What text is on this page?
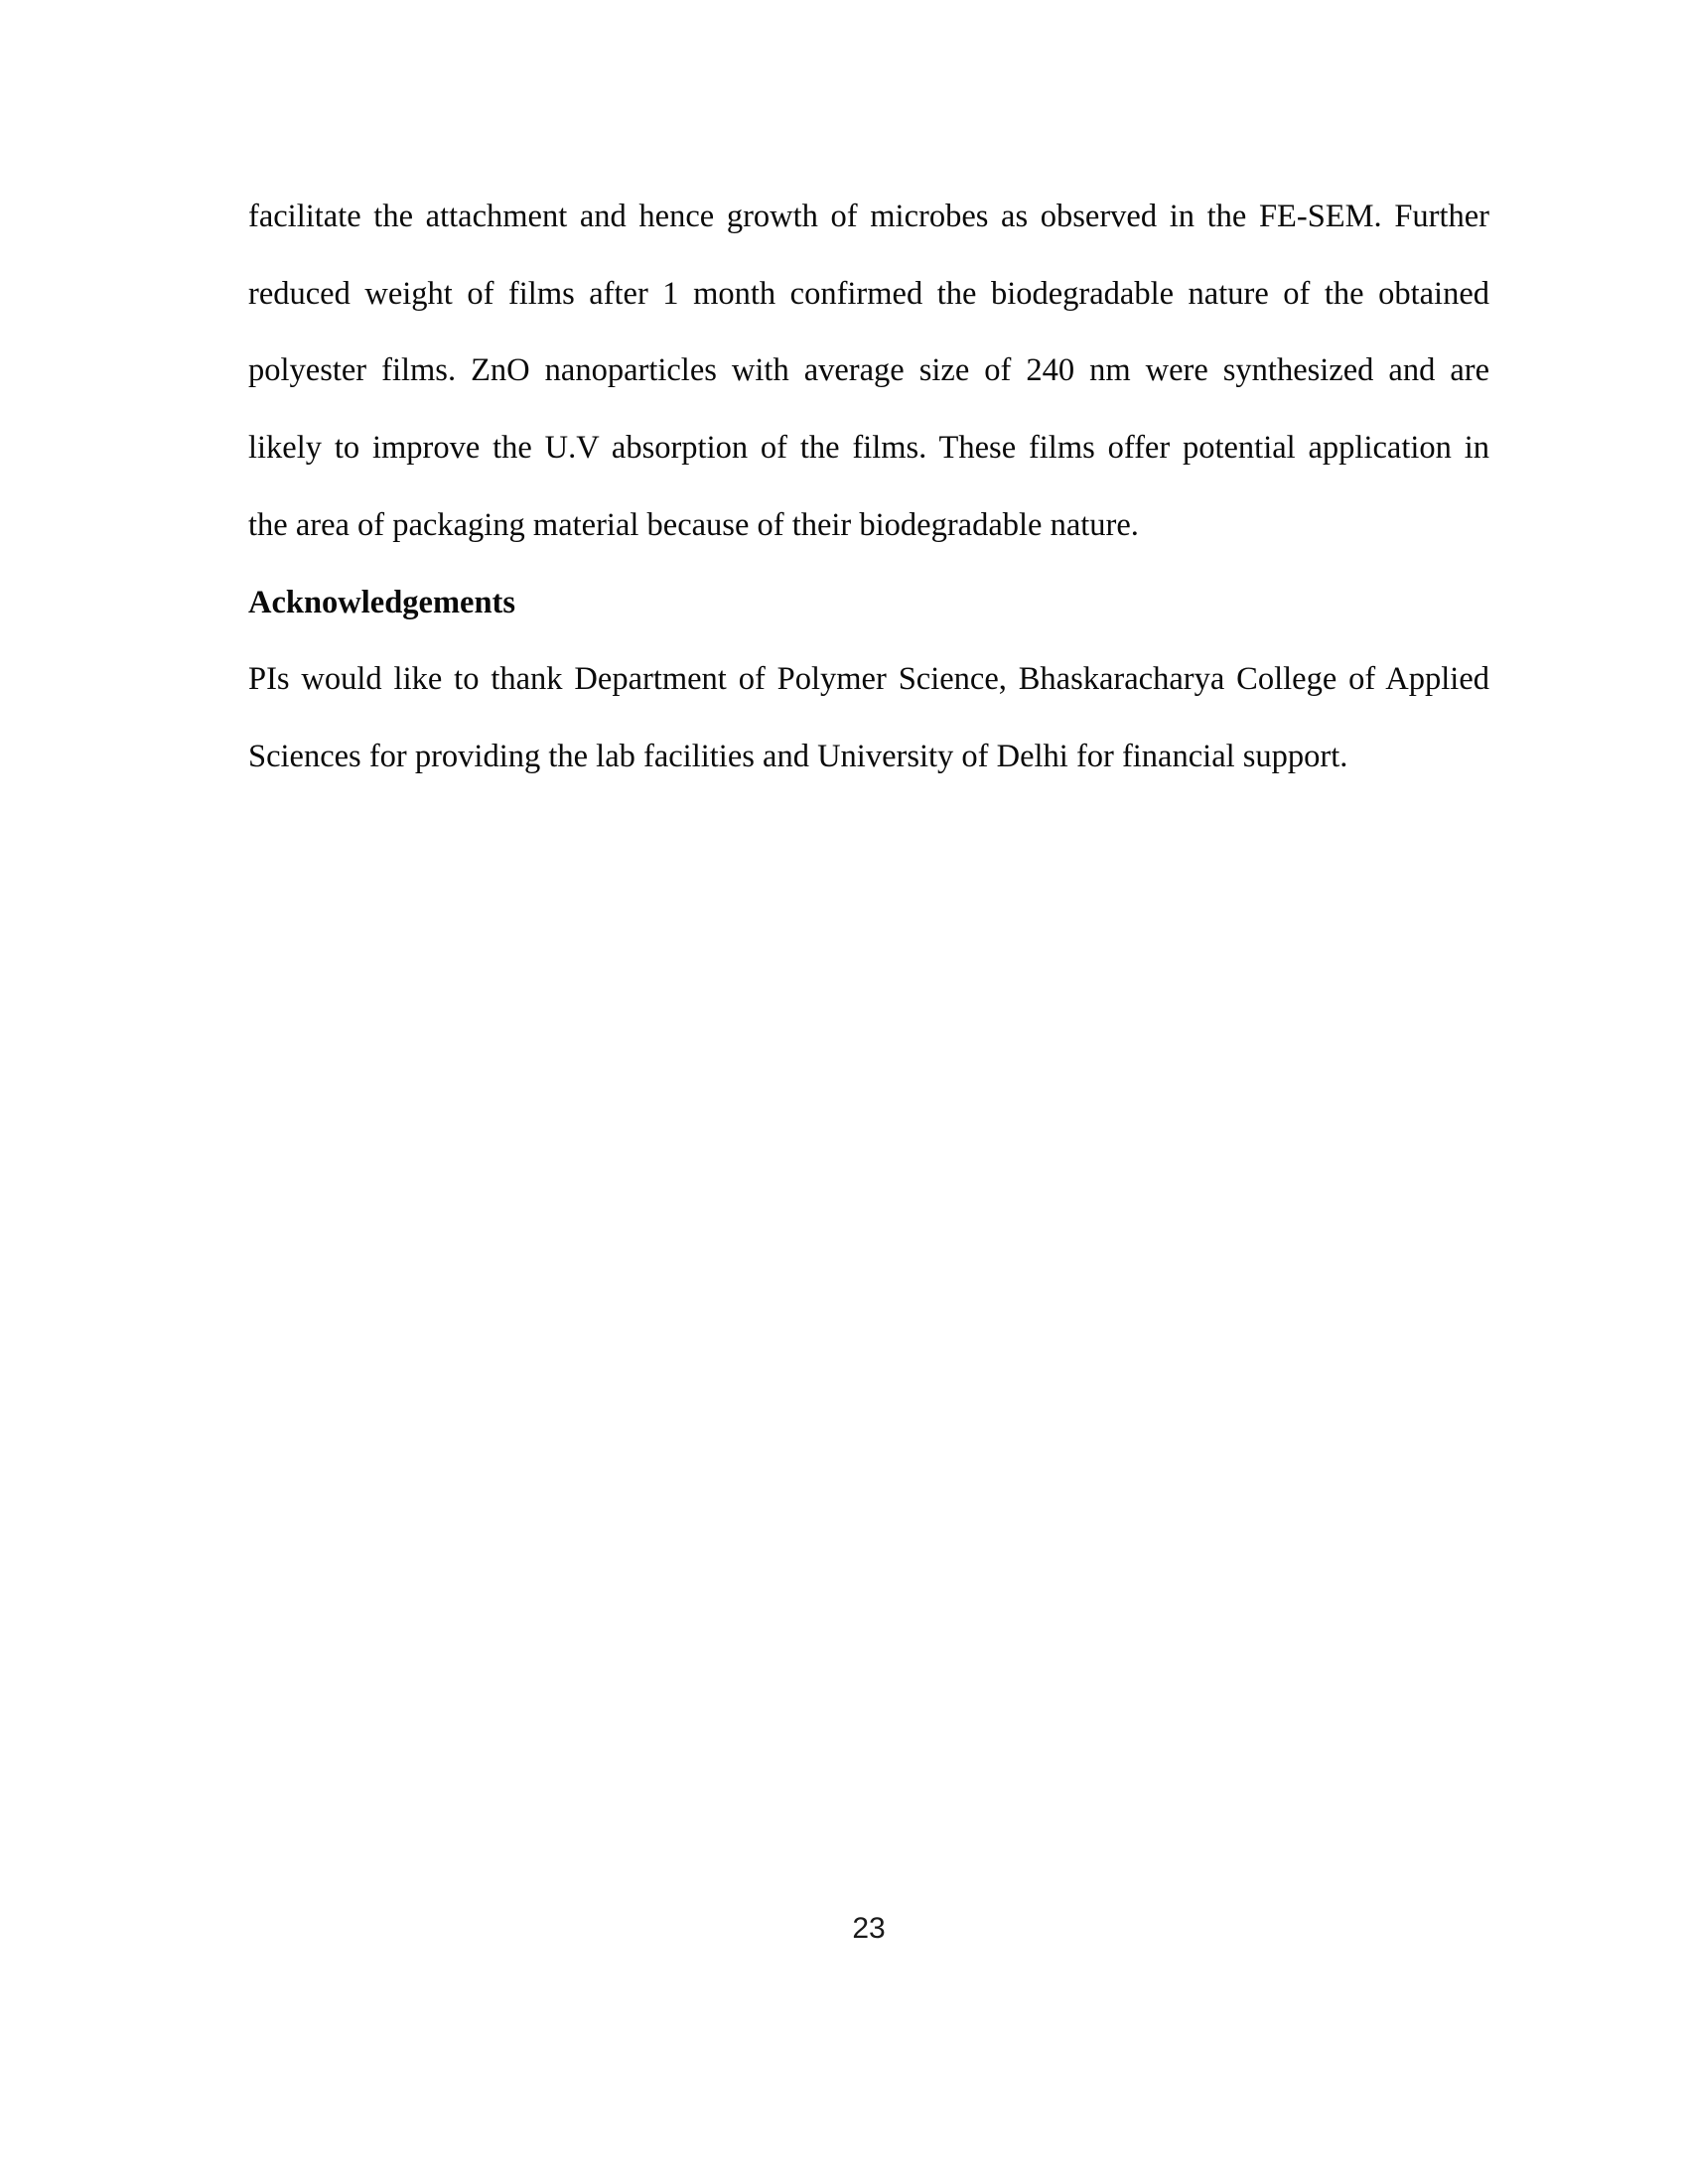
facilitate the attachment and hence growth of microbes as observed in the FE-SEM. Further
reduced weight of films after 1 month confirmed the biodegradable nature of the obtained
polyester films. ZnO nanoparticles with average size of 240 nm were synthesized and are
likely to improve the U.V absorption of the films. These films offer potential application in
the area of packaging material because of their biodegradable nature.
Acknowledgements
PIs would like to thank Department of Polymer Science, Bhaskaracharya College of Applied
Sciences for providing the lab facilities and University of Delhi for financial support.
23
